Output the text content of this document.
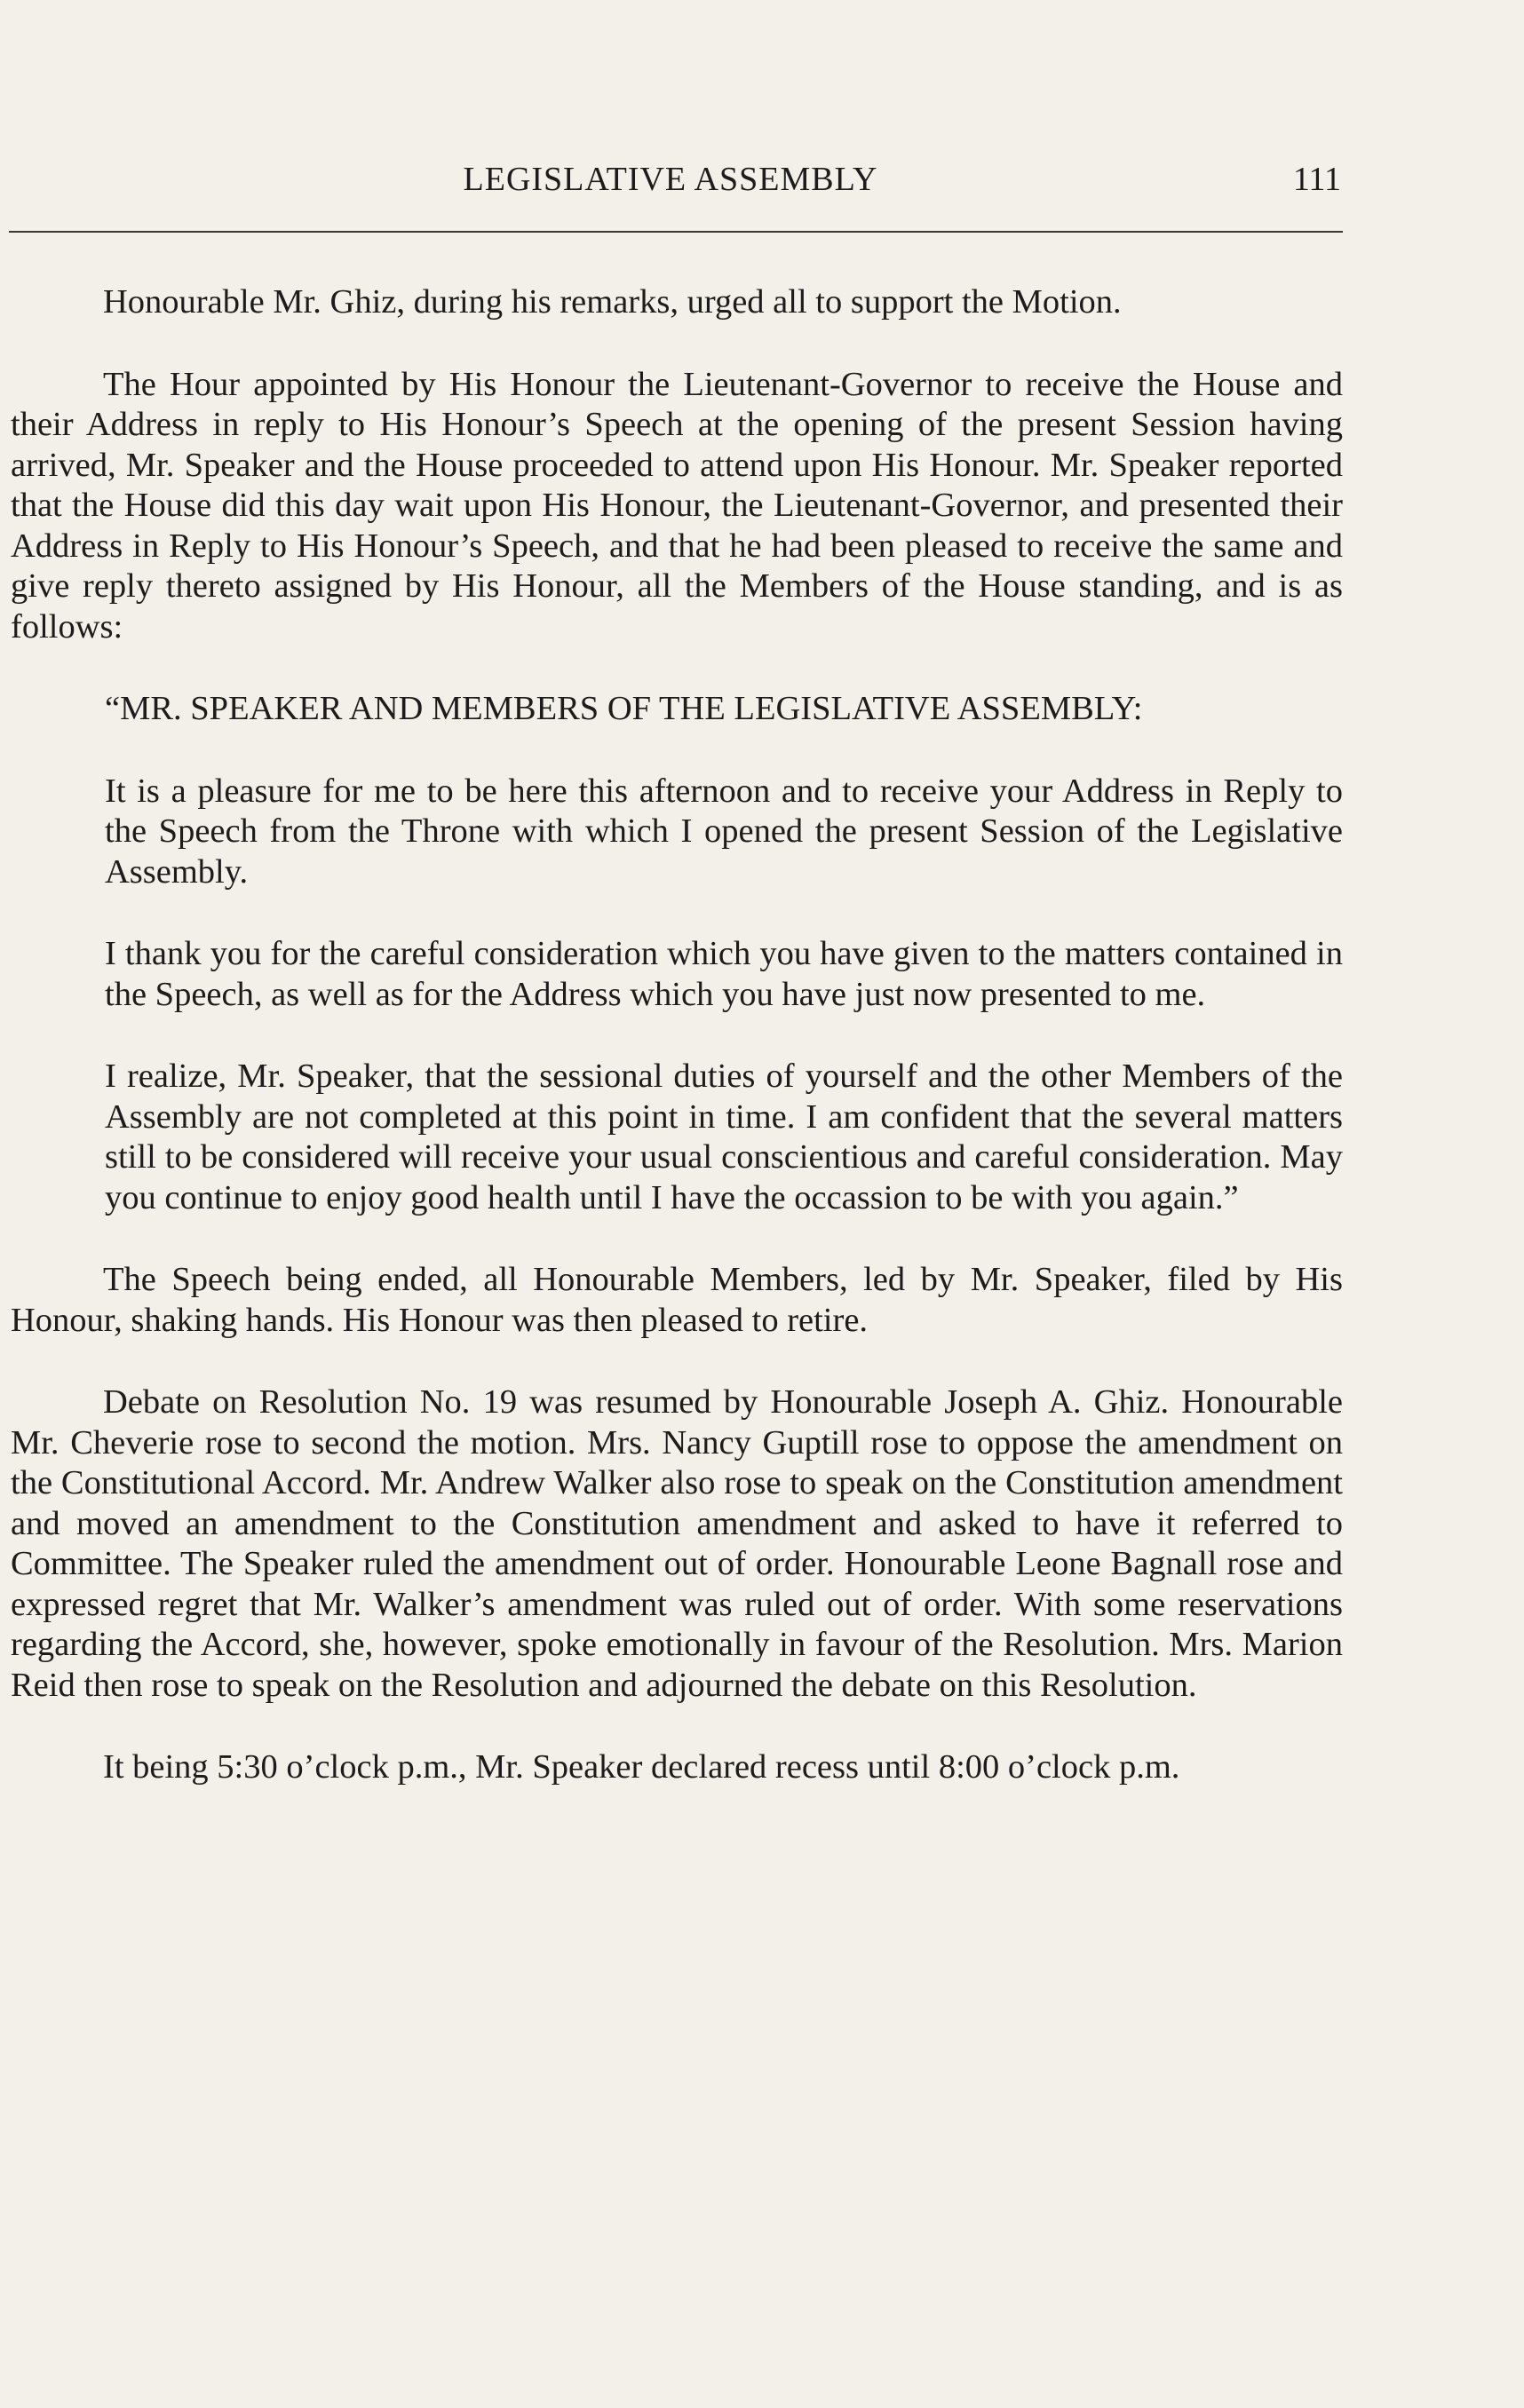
LEGISLATIVE ASSEMBLY	111

Honourable Mr. Ghiz, during his remarks, urged all to support the Motion.

The Hour appointed by His Honour the Lieutenant-Governor to receive the House and their Address in reply to His Honour’s Speech at the opening of the present Session having arrived, Mr. Speaker and the House proceeded to attend upon His Honour. Mr. Speaker reported that the House did this day wait upon His Honour, the Lieutenant-Governor, and presented their Address in Reply to His Honour’s Speech, and that he had been pleased to receive the same and give reply thereto assigned by His Honour, all the Members of the House standing, and is as follows:

“MR. SPEAKER AND MEMBERS OF THE LEGISLATIVE ASSEMBLY:

It is a pleasure for me to be here this afternoon and to receive your Address in Reply to the Speech from the Throne with which I opened the present Session of the Legislative Assembly.

I thank you for the careful consideration which you have given to the matters contained in the Speech, as well as for the Address which you have just now presented to me.

I realize, Mr. Speaker, that the sessional duties of yourself and the other Members of the Assembly are not completed at this point in time. I am confident that the several matters still to be considered will receive your usual conscientious and careful consideration. May you continue to enjoy good health until I have the occassion to be with you again.”

The Speech being ended, all Honourable Members, led by Mr. Speaker, filed by His Honour, shaking hands. His Honour was then pleased to retire.

Debate on Resolution No. 19 was resumed by Honourable Joseph A. Ghiz. Honourable Mr. Cheverie rose to second the motion. Mrs. Nancy Guptill rose to oppose the amendment on the Constitutional Accord. Mr. Andrew Walker also rose to speak on the Constitution amendment and moved an amendment to the Constitution amendment and asked to have it referred to Committee. The Speaker ruled the amendment out of order. Honourable Leone Bagnall rose and expressed regret that Mr. Walker’s amendment was ruled out of order. With some reservations regarding the Accord, she, however, spoke emotionally in favour of the Resolution. Mrs. Marion Reid then rose to speak on the Resolution and adjourned the debate on this Resolution.

It being 5:30 o’clock p.m., Mr. Speaker declared recess until 8:00 o’clock p.m.
